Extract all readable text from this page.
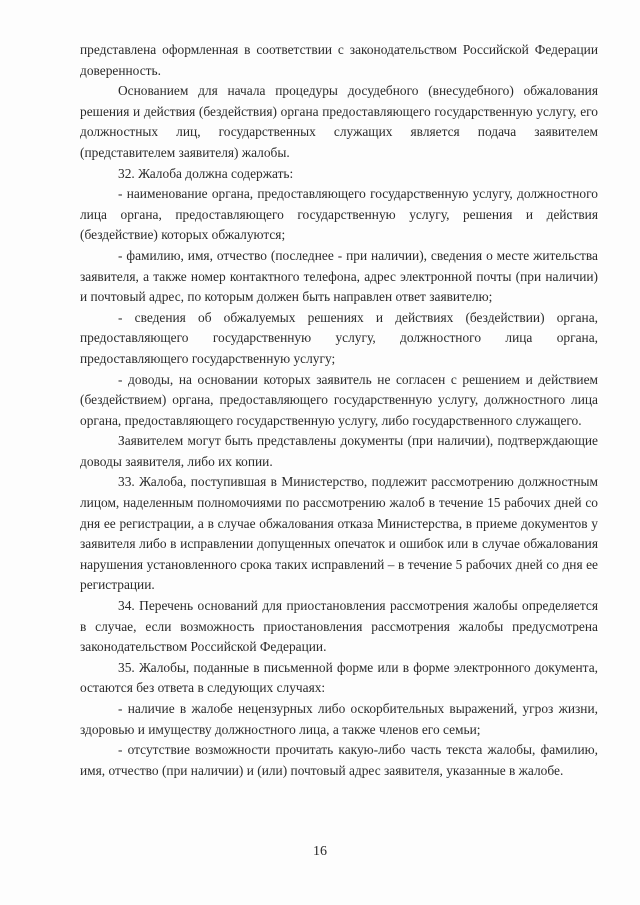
представлена оформленная в соответствии с законодательством Российской Федерации доверенность.

Основанием для начала процедуры досудебного (внесудебного) обжалования решения и действия (бездействия) органа предоставляющего государственную услугу, его должностных лиц, государственных служащих является подача заявителем (представителем заявителя) жалобы.

32. Жалоба должна содержать:

- наименование органа, предоставляющего государственную услугу, должностного лица органа, предоставляющего государственную услугу, решения и действия (бездействие) которых обжалуются;

- фамилию, имя, отчество (последнее - при наличии), сведения о месте жительства заявителя, а также номер контактного телефона, адрес электронной почты (при наличии) и почтовый адрес, по которым должен быть направлен ответ заявителю;

- сведения об обжалуемых решениях и действиях (бездействии) органа, предоставляющего государственную услугу, должностного лица органа, предоставляющего государственную услугу;

- доводы, на основании которых заявитель не согласен с решением и действием (бездействием) органа, предоставляющего государственную услугу, должностного лица органа, предоставляющего государственную услугу, либо государственного служащего.

Заявителем могут быть представлены документы (при наличии), подтверждающие доводы заявителя, либо их копии.

33. Жалоба, поступившая в Министерство, подлежит рассмотрению должностным лицом, наделенным полномочиями по рассмотрению жалоб в течение 15 рабочих дней со дня ее регистрации, а в случае обжалования отказа Министерства, в приеме документов у заявителя либо в исправлении допущенных опечаток и ошибок или в случае обжалования нарушения установленного срока таких исправлений – в течение 5 рабочих дней со дня ее регистрации.

34. Перечень оснований для приостановления рассмотрения жалобы определяется в случае, если возможность приостановления рассмотрения жалобы предусмотрена законодательством Российской Федерации.

35. Жалобы, поданные в письменной форме или в форме электронного документа, остаются без ответа в следующих случаях:

- наличие в жалобе нецензурных либо оскорбительных выражений, угроз жизни, здоровью и имуществу должностного лица, а также членов его семьи;

- отсутствие возможности прочитать какую-либо часть текста жалобы, фамилию, имя, отчество (при наличии) и (или) почтовый адрес заявителя, указанные в жалобе.

16
